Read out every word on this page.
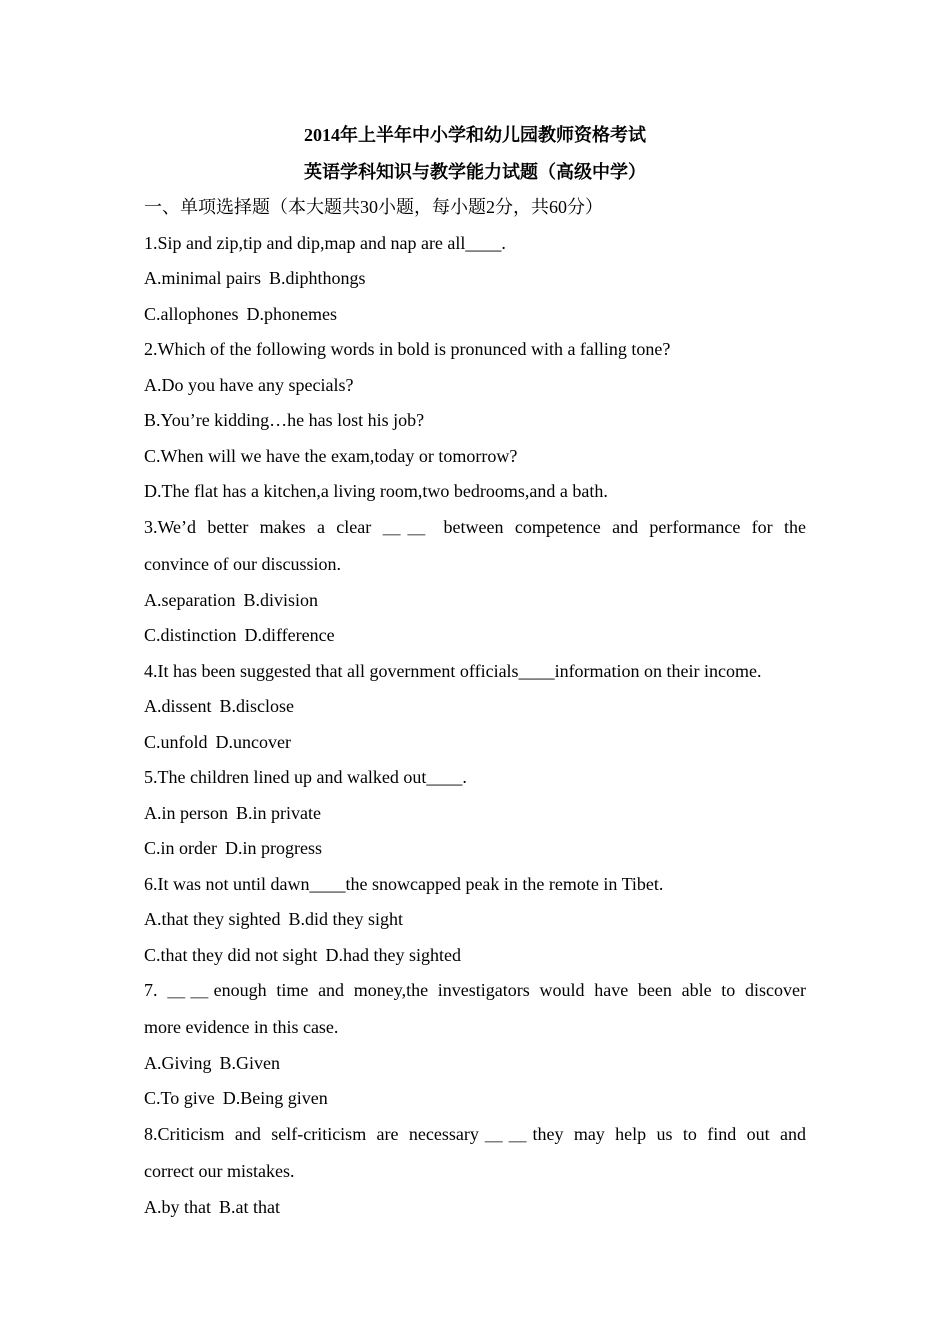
2014年上半年中小学和幼儿园教师资格考试
英语学科知识与教学能力试题（高级中学）
一、单项选择题（本大题共30小题，每小题2分，共60分）
1.Sip and zip,tip and dip,map and nap are all____.
A.minimal pairs B.diphthongs
C.allophones D.phonemes
2.Which of the following words in bold is pronunced with a falling tone?
A.Do you have any specials?
B.You’re kidding…he has lost his job?
C.When will we have the exam,today or tomorrow?
D.The flat has a kitchen,a living room,two bedrooms,and a bath.
3.We’d better makes a clear ＿＿ between competence and performance for the
convince of our discussion.
A.separation B.division
C.distinction D.difference
4.It has been suggested that all government officials____information on their income.
A.dissent B.disclose
C.unfold D.uncover
5.The children lined up and walked out____.
A.in person B.in private
C.in order D.in progress
6.It was not until dawn____the snowcapped peak in the remote in Tibet.
A.that they sighted B.did they sight
C.that they did not sight D.had they sighted
7. ＿＿enough time and money,the investigators would have been able to discover
more evidence in this case.
A.Giving B.Given
C.To give D.Being given
8.Criticism and self-criticism are necessary＿＿they may help us to find out and
correct our mistakes.
A.by that B.at that
